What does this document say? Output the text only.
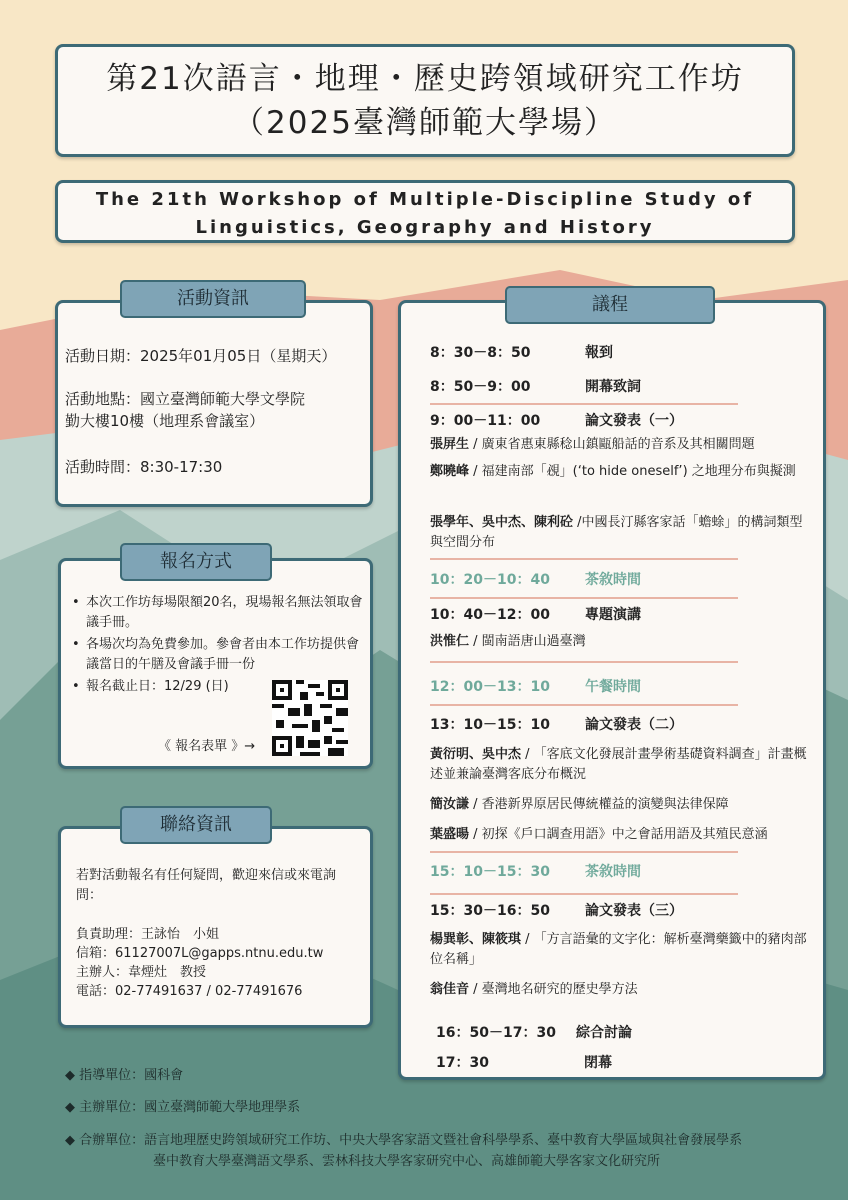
第21次語言・地理・歷史跨領域研究工作坊
（2025臺灣師範大學場）
The 21th Workshop of Multiple-Discipline Study of
Linguistics, Geography and History
活動資訊
活動日期：2025年01月05日（星期天）
活動地點：國立臺灣師範大學文學院
勤大樓10樓（地理系會議室）
活動時間：8:30-17:30
報名方式
• 本次工作坊每場限額20名，現場報名無法領取會議手冊。
• 各場次均為免費參加。參會者由本工作坊提供會議當日的午膳及會議手冊一份
• 報名截止日：12/29 (日)
《 報名表單 》→
聯絡資訊
若對活動報名有任何疑問，歡迎來信或來電詢問：
負責助理：王詠怡　小姐
信箱：61127007L@gapps.ntnu.edu.tw
主辦人：韋煙灶　教授
電話：02-77491637 / 02-77491676
議程
8：30－8：50	報到
8：50－9：00	開幕致詞
9：00－11：00	論文發表（一）
張屏生 / 廣東省惠東縣稔山鎮甌船話的音系及其相關問題
鄭曉峰 / 福建南部「覕」(‘to hide oneself’) 之地理分布與擬測
張學年、吳中杰、陳利砼 /中國長汀縣客家話「蟾蜍」的構詞類型與空間分布
10：20－10：40	茶敘時間
10：40－12：00	專題演講
洪惟仁 / 閩南語唐山過臺灣
12：00－13：10	午餐時間
13：10－15：10	論文發表（二）
黃衍明、吳中杰 / 「客底文化發展計畫學術基礎資料調查」計畫概述並兼論臺灣客底分布概況
簡汝謙 / 香港新界原居民傳統權益的演變與法律保障
葉盛暘 / 初探《戶口調查用語》中之會話用語及其殖民意涵
15：10－15：30	茶敘時間
15：30－16：50	論文發表（三）
楊巽彰、陳筱琪 / 「方言語彙的文字化：解析臺灣藥籤中的豬肉部位名稱」
翁佳音 / 臺灣地名研究的歷史學方法
16：50－17：30 綜合討論
17：30	閉幕
◆ 指導單位：國科會
◆ 主辦單位：國立臺灣師範大學地理學系
◆ 合辦單位：語言地理歷史跨領域研究工作坊、中央大學客家語文暨社會科學學系、臺中教育大學區域與社會發展學系
臺中教育大學臺灣語文學系、雲林科技大學客家研究中心、高雄師範大學客家文化研究所
